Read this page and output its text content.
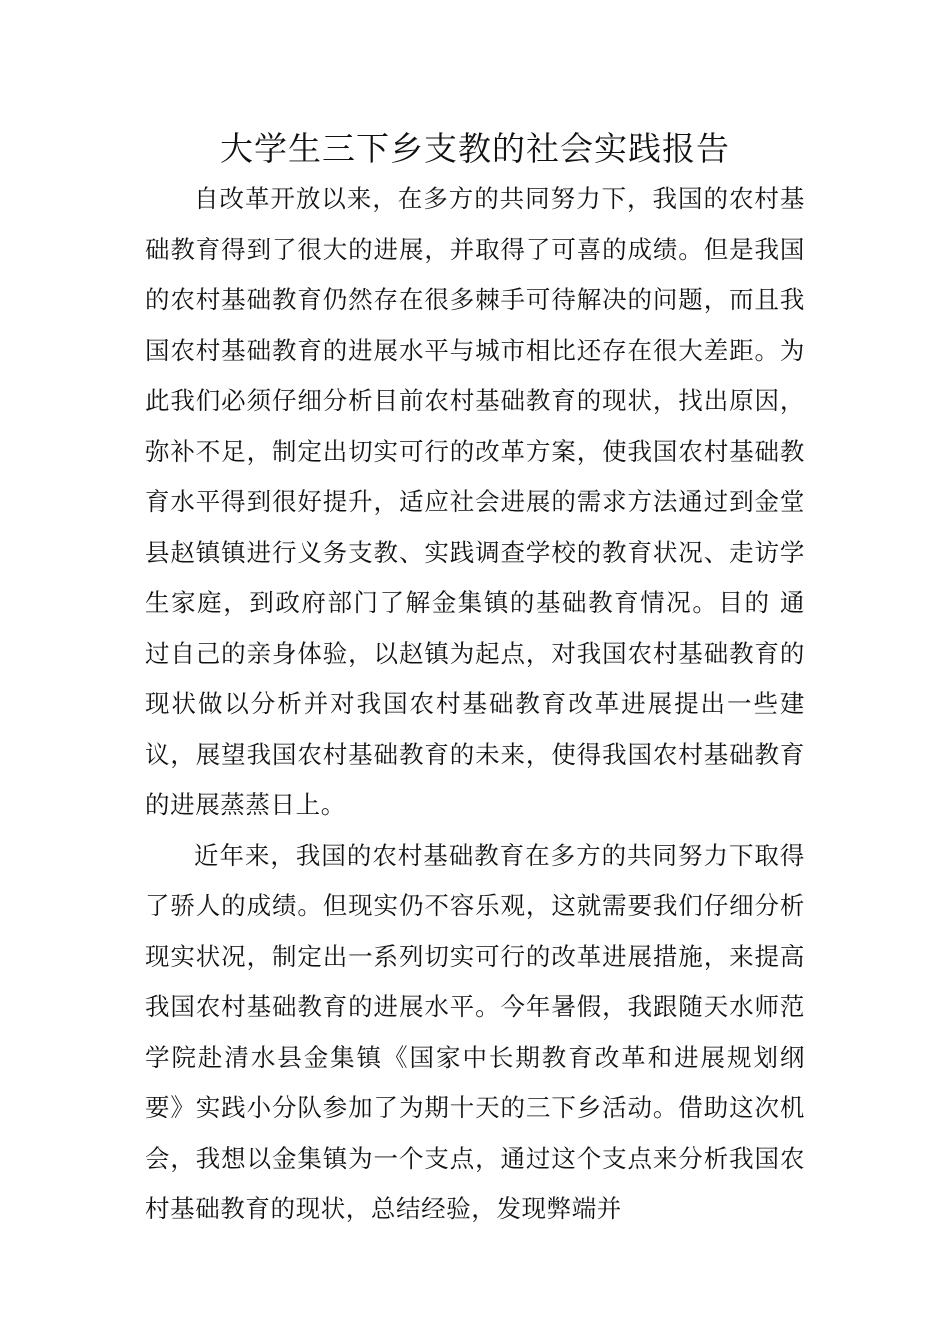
大学生三下乡支教的社会实践报告

自改革开放以来，在多方的共同努力下，我国的农村基础教育得到了很大的进展，并取得了可喜的成绩。但是我国的农村基础教育仍然存在很多棘手可待解决的问题，而且我国农村基础教育的进展水平与城市相比还存在很大差距。为此我们必须仔细分析目前农村基础教育的现状，找出原因，弥补不足，制定出切实可行的改革方案，使我国农村基础教育水平得到很好提升，适应社会进展的需求方法通过到金堂县赵镇镇进行义务支教、实践调查学校的教育状况、走访学生家庭，到政府部门了解金集镇的基础教育情况。目的 通过自己的亲身体验，以赵镇为起点，对我国农村基础教育的现状做以分析并对我国农村基础教育改革进展提出一些建议，展望我国农村基础教育的未来，使得我国农村基础教育的进展蒸蒸日上。

近年来，我国的农村基础教育在多方的共同努力下取得了骄人的成绩。但现实仍不容乐观，这就需要我们仔细分析现实状况，制定出一系列切实可行的改革进展措施，来提高我国农村基础教育的进展水平。今年暑假，我跟随天水师范学院赴清水县金集镇《国家中长期教育改革和进展规划纲要》实践小分队参加了为期十天的三下乡活动。借助这次机会，我想以金集镇为一个支点，通过这个支点来分析我国农村基础教育的现状，总结经验，发现弊端并
